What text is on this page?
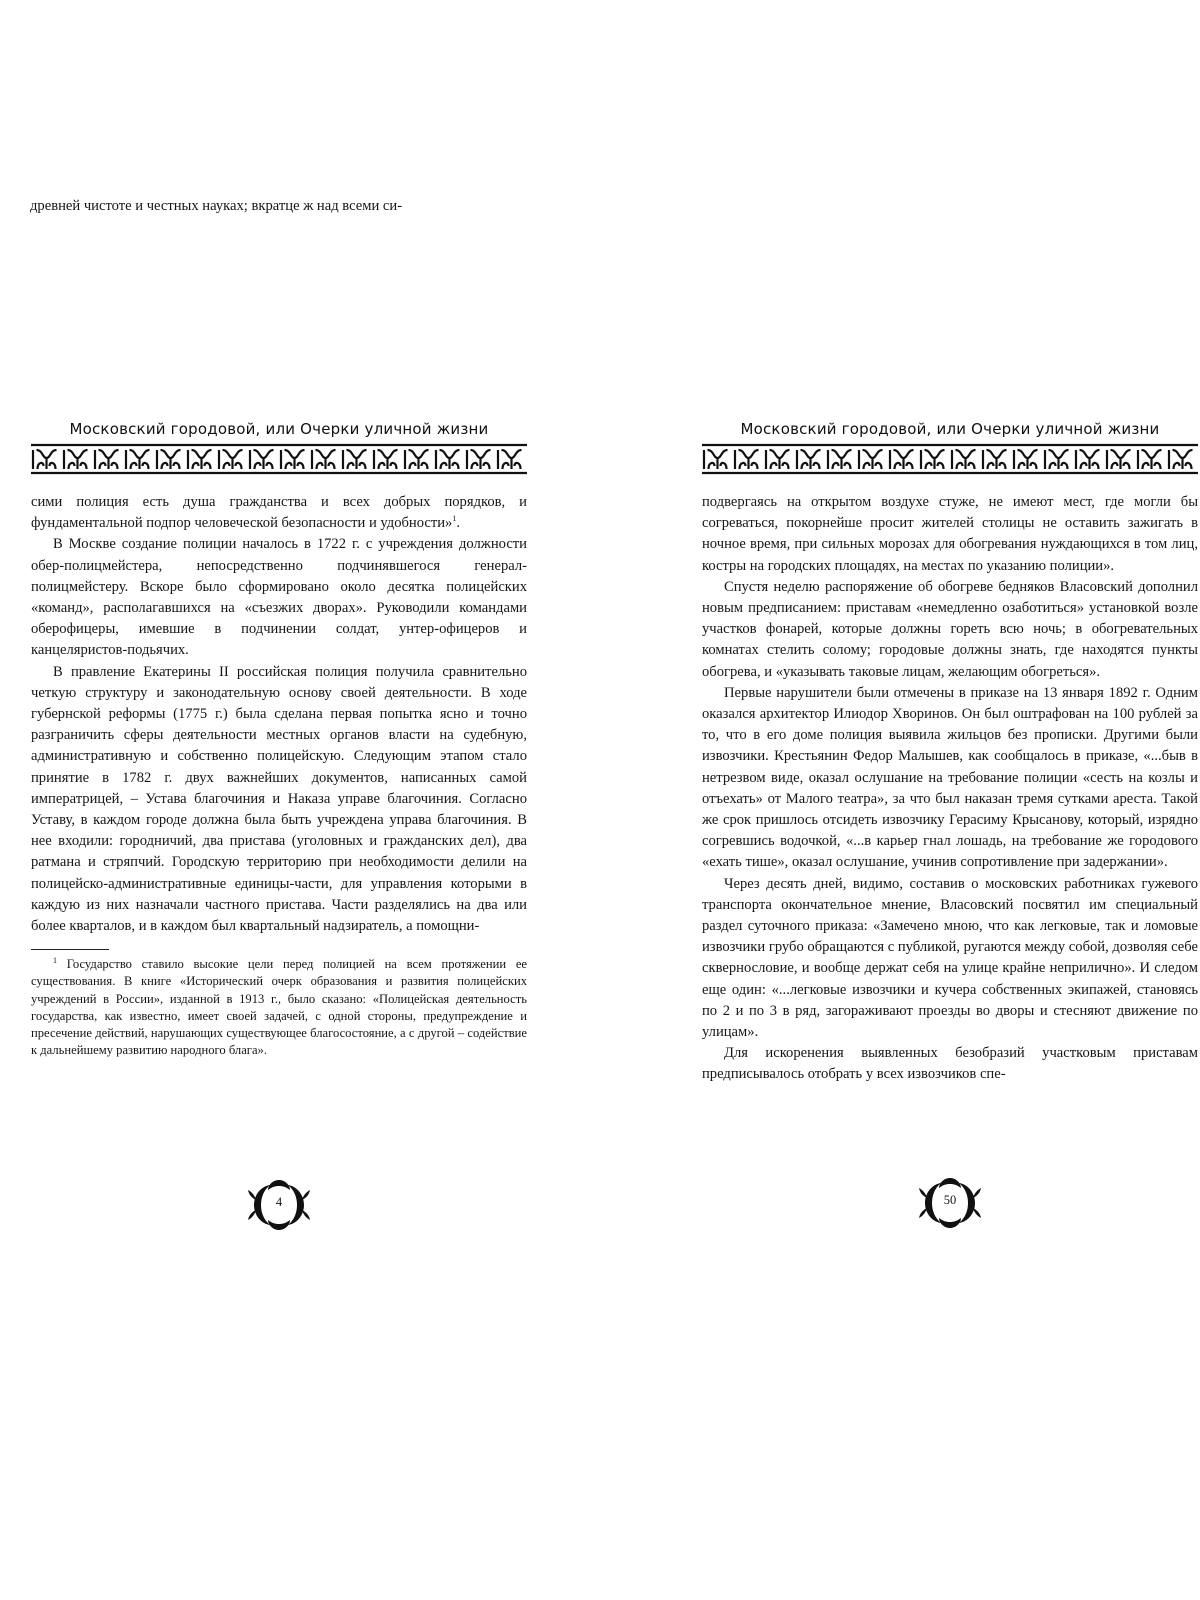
древней чистоте и честных науках; вкратце ж над всеми си-

Московский городовой, или Очерки уличной жизни

сими полиция есть душа гражданства и всех добрых порядков, и фундаментальной подпор человеческой безопасности и удобности»$^1$.

В Москве создание полиции началось в 1722 г. с учреждения должности обер-полицмейстера, непосредственно подчинявшегося генерал-полицмейстеру. Вскоре было сформировано около десятка полицейских «команд», располагавшихся на «съезжих дворах». Руководили командами оберофицеры, имевшие в подчинении солдат, унтер-офицеров и канцеляристов-подьячих.

В правление Екатерины II российская полиция получила сравнительно четкую структуру и законодательную основу своей деятельности. В ходе губернской реформы (1775 г.) была сделана первая попытка ясно и точно разграничить сферы деятельности местных органов власти на судебную, административную и собственно полицейскую. Следующим этапом стало принятие в 1782 г. двух важнейших документов, написанных самой императрицей, – Устава благочиния и Наказа управе благочиния. Согласно Уставу, в каждом городе должна была быть учреждена управа благочиния. В нее входили: городничий, два пристава (уголовных и гражданских дел), два ратмана и стряпчий. Городскую территорию при необходимости делили на полицейско-административные единицы-части, для управления которыми в каждую из них назначали частного пристава. Части разделялись на два или более кварталов, и в каждом был квартальный надзиратель, а помощни-

$^1$ Государство ставило высокие цели перед полицией на всем протяжении ее существования. В книге «Исторический очерк образования и развития полицейских учреждений в России», изданной в 1913 г., было сказано: «Полицейская деятельность государства, как известно, имеет своей задачей, с одной стороны, предупреждение и пресечение действий, нарушающих существующее благосостояние, а с другой – содействие к дальнейшему развитию народного блага».

4
Московский городовой, или Очерки уличной жизни

подвергаясь на открытом воздухе стуже, не имеют мест, где могли бы согреваться, покорнейше просит жителей столицы не оставить зажигать в ночное время, при сильных морозах для обогревания нуждающихся в том лиц, костры на городских площадях, на местах по указанию полиции».

Спустя неделю распоряжение об обогреве бедняков Власовский дополнил новым предписанием: приставам «немедленно озаботиться» установкой возле участков фонарей, которые должны гореть всю ночь; в обогревательных комнатах стелить солому; городовые должны знать, где находятся пункты обогрева, и «указывать таковые лицам, желающим обогреться».

Первые нарушители были отмечены в приказе на 13 января 1892 г. Одним оказался архитектор Илиодор Хворинов. Он был оштрафован на 100 рублей за то, что в его доме полиция выявила жильцов без прописки. Другими были извозчики. Крестьянин Федор Малышев, как сообщалось в приказе, «...быв в нетрезвом виде, оказал ослушание на требование полиции «сесть на козлы и отъехать» от Малого театра», за что был наказан тремя сутками ареста. Такой же срок пришлось отсидеть извозчику Герасиму Крысанову, который, изрядно согревшись водочкой, «...в карьер гнал лошадь, на требование же городового «ехать тише», оказал ослушание, учинив сопротивление при задержании».

Через десять дней, видимо, составив о московских работниках гужевого транспорта окончательное мнение, Власовский посвятил им специальный раздел суточного приказа: «Замечено мною, что как легковые, так и ломовые извозчики грубо обращаются с публикой, ругаются между собой, дозволяя себе сквернословие, и вообще держат себя на улице крайне неприлично». И следом еще один: «...легковые извозчики и кучера собственных экипажей, становясь по 2 и по 3 в ряд, загораживают проезды во дворы и стесняют движение по улицам».

Для искоренения выявленных безобразий участковым приставам предписывалось отобрать у всех извозчиков спе-

50
